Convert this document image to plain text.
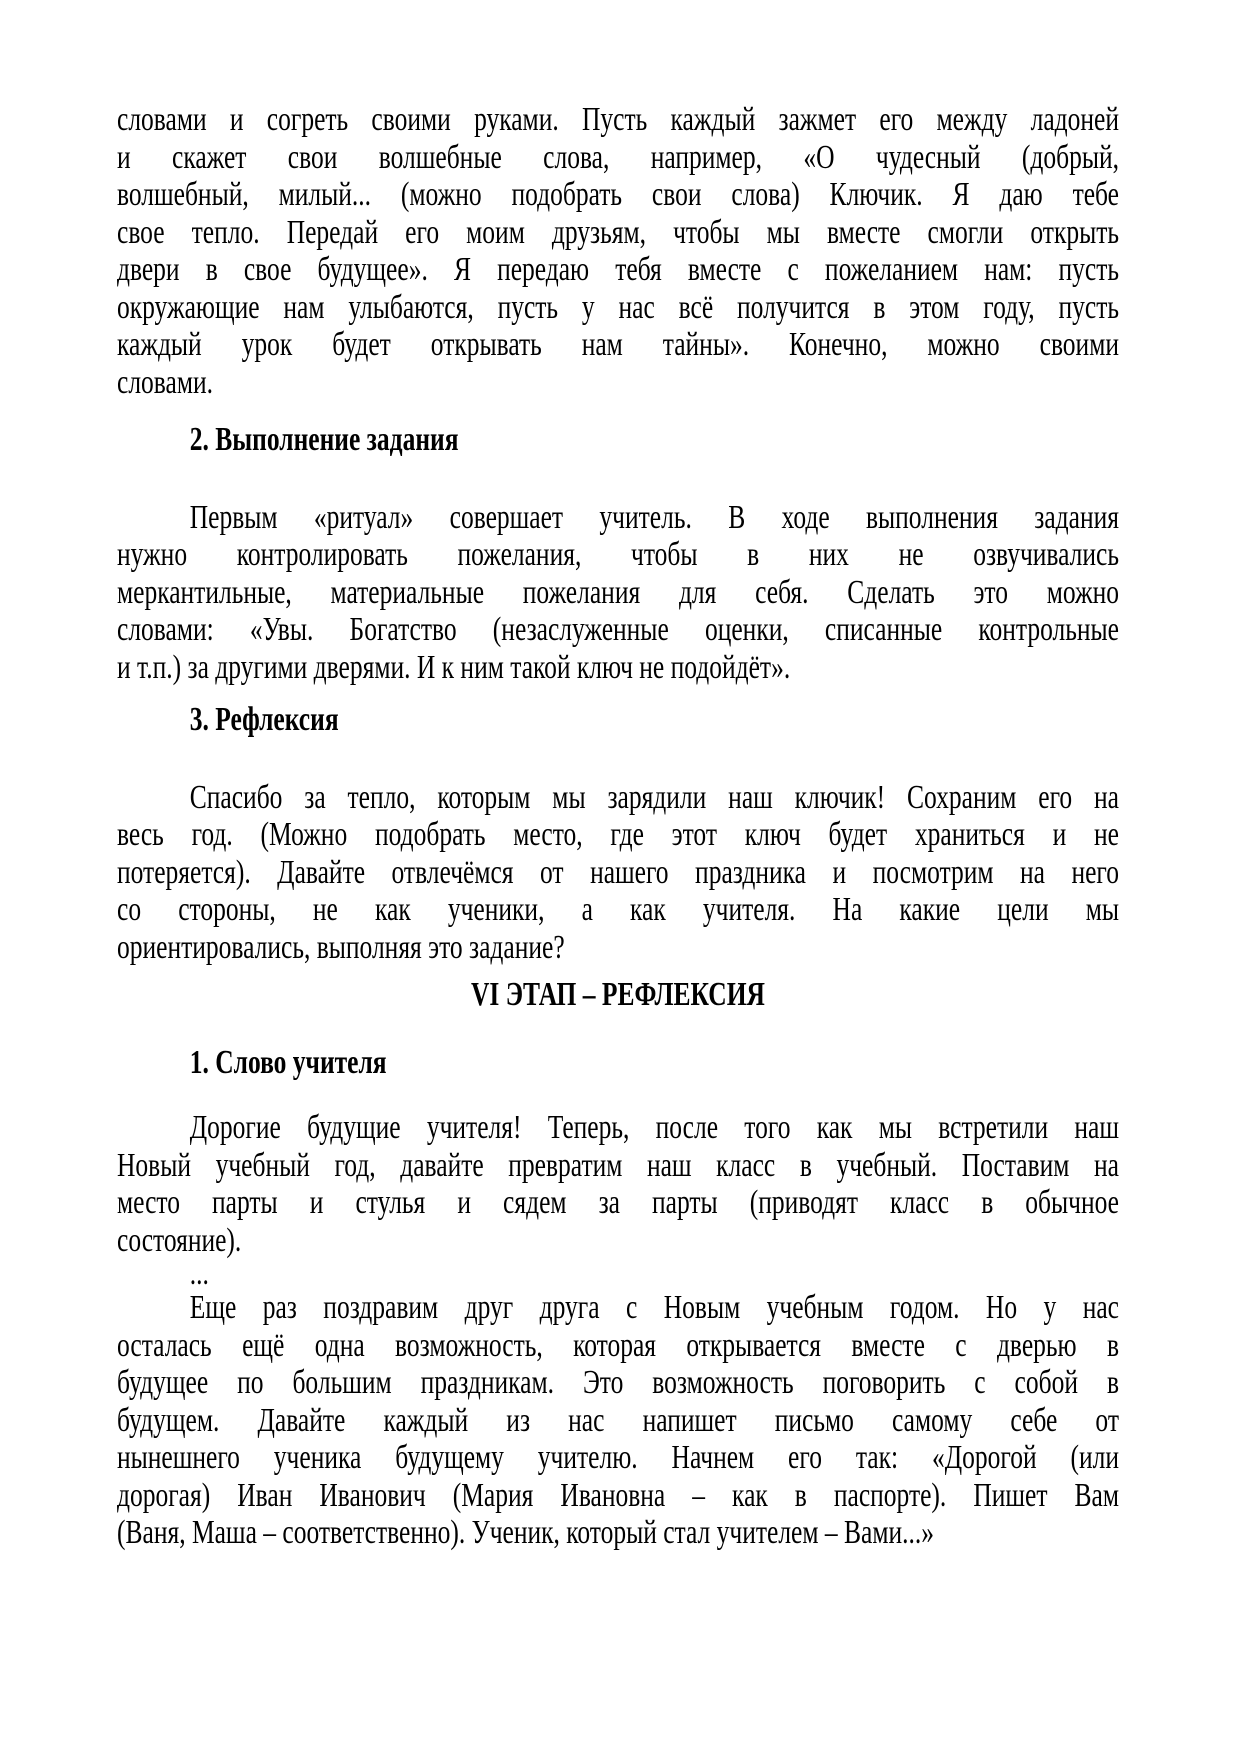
словами и согреть своими руками. Пусть каждый зажмет его между ладоней
и скажет свои волшебные слова, например, «О чудесный (добрый,
волшебный, милый... (можно подобрать свои слова) Ключик. Я даю тебе
свое тепло. Передай его моим друзьям, чтобы мы вместе смогли открыть
двери в свое будущее». Я передаю тебя вместе с пожеланием нам: пусть
окружающие нам улыбаются, пусть у нас всё получится в этом году, пусть
каждый урок будет открывать нам тайны». Конечно, можно своими
словами.
2. Выполнение задания
Первым «ритуал» совершает учитель. В ходе выполнения задания
нужно контролировать пожелания, чтобы в них не озвучивались
меркантильные, материальные пожелания для себя. Сделать это можно
словами: «Увы. Богатство (незаслуженные оценки, списанные контрольные
и т.п.) за другими дверями. И к ним такой ключ не подойдёт».
3. Рефлексия
Спасибо за тепло, которым мы зарядили наш ключик! Сохраним его на
весь год. (Можно подобрать место, где этот ключ будет храниться и не
потеряется). Давайте отвлечёмся от нашего праздника и посмотрим на него
со стороны, не как ученики, а как учителя. На какие цели мы
ориентировались, выполняя это задание?
VI ЭТАП – РЕФЛЕКСИЯ
1. Слово учителя
Дорогие будущие учителя! Теперь, после того как мы встретили наш
Новый учебный год, давайте превратим наш класс в учебный. Поставим на
место парты и стулья и сядем за парты (приводят класс в обычное
состояние).
...
Еще раз поздравим друг друга с Новым учебным годом. Но у нас
осталась ещё одна возможность, которая открывается вместе с дверью в
будущее по большим праздникам. Это возможность поговорить с собой в
будущем. Давайте каждый из нас напишет письмо самому себе от
нынешнего ученика будущему учителю. Начнем его так: «Дорогой (или
дорогая) Иван Иванович (Мария Ивановна – как в паспорте). Пишет Вам
(Ваня, Маша – соответственно). Ученик, который стал учителем – Вами...»
